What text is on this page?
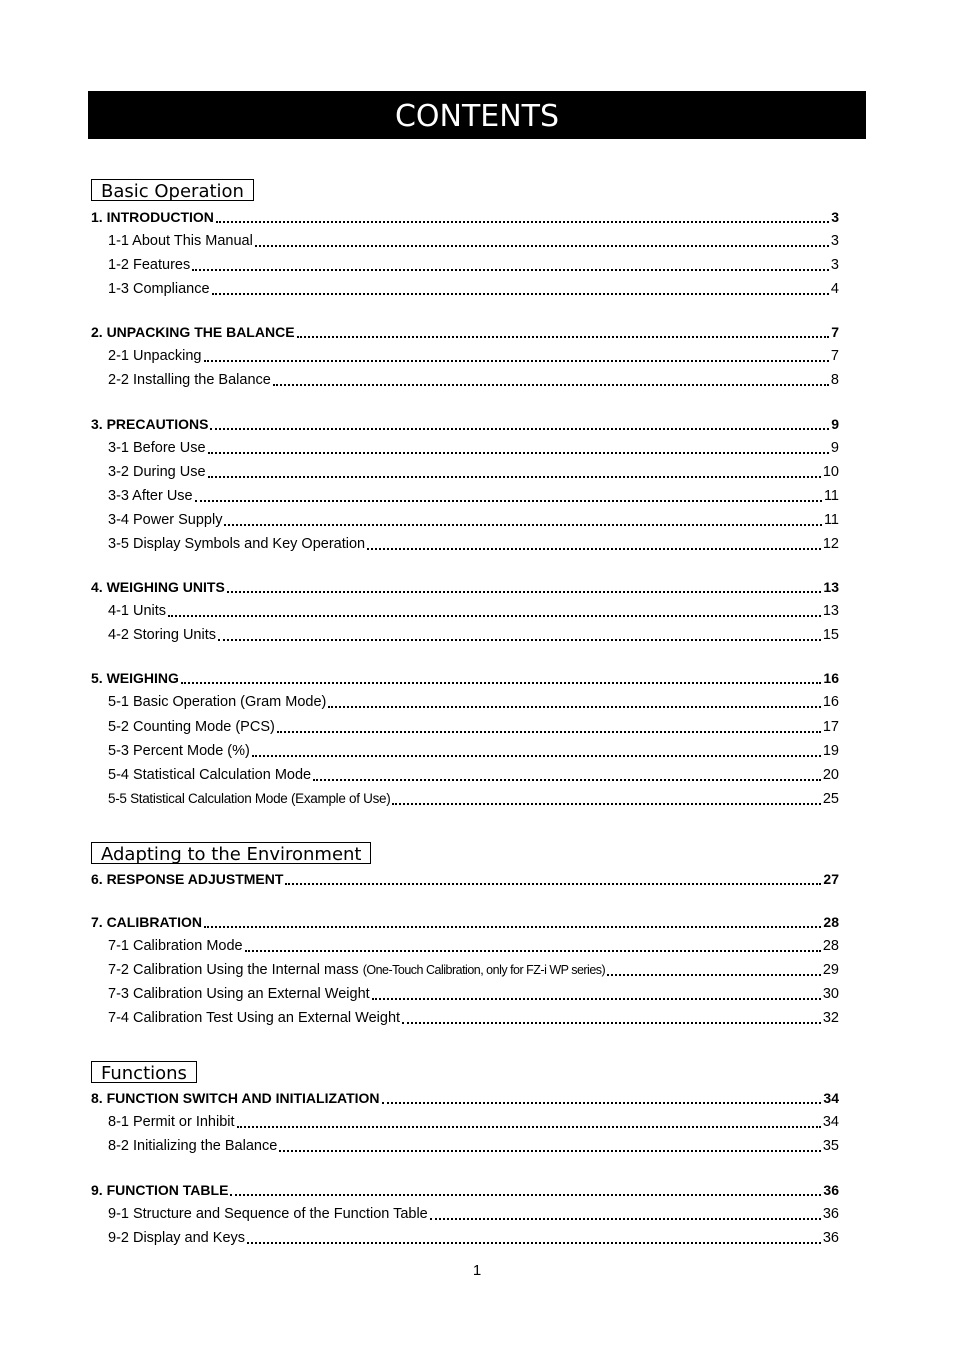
CONTENTS
Basic Operation
1. INTRODUCTION	3
1-1 About This Manual	3
1-2 Features	3
1-3 Compliance	4
2. UNPACKING THE BALANCE	7
2-1 Unpacking	7
2-2 Installing the Balance	8
3. PRECAUTIONS	9
3-1 Before Use	9
3-2 During Use	10
3-3 After Use	11
3-4 Power Supply	11
3-5 Display Symbols and Key Operation	12
4. WEIGHING UNITS	13
4-1 Units	13
4-2 Storing Units	15
5. WEIGHING	16
5-1 Basic Operation (Gram Mode)	16
5-2 Counting Mode (PCS)	17
5-3 Percent Mode (%)	19
5-4 Statistical Calculation Mode	20
5-5 Statistical Calculation Mode (Example of Use)	25
Adapting to the Environment
6. RESPONSE ADJUSTMENT	27
7. CALIBRATION	28
7-1 Calibration Mode	28
7-2 Calibration Using the Internal mass
(One-Touch Calibration, only for FZ-i WP series)	29
7-3 Calibration Using an External Weight	30
7-4 Calibration Test Using an External Weight	32
Functions
8. FUNCTION SWITCH AND INITIALIZATION	34
8-1 Permit or Inhibit	34
8-2 Initializing the Balance	35
9. FUNCTION TABLE	36
9-1 Structure and Sequence of the Function Table	36
9-2 Display and Keys	36
1
